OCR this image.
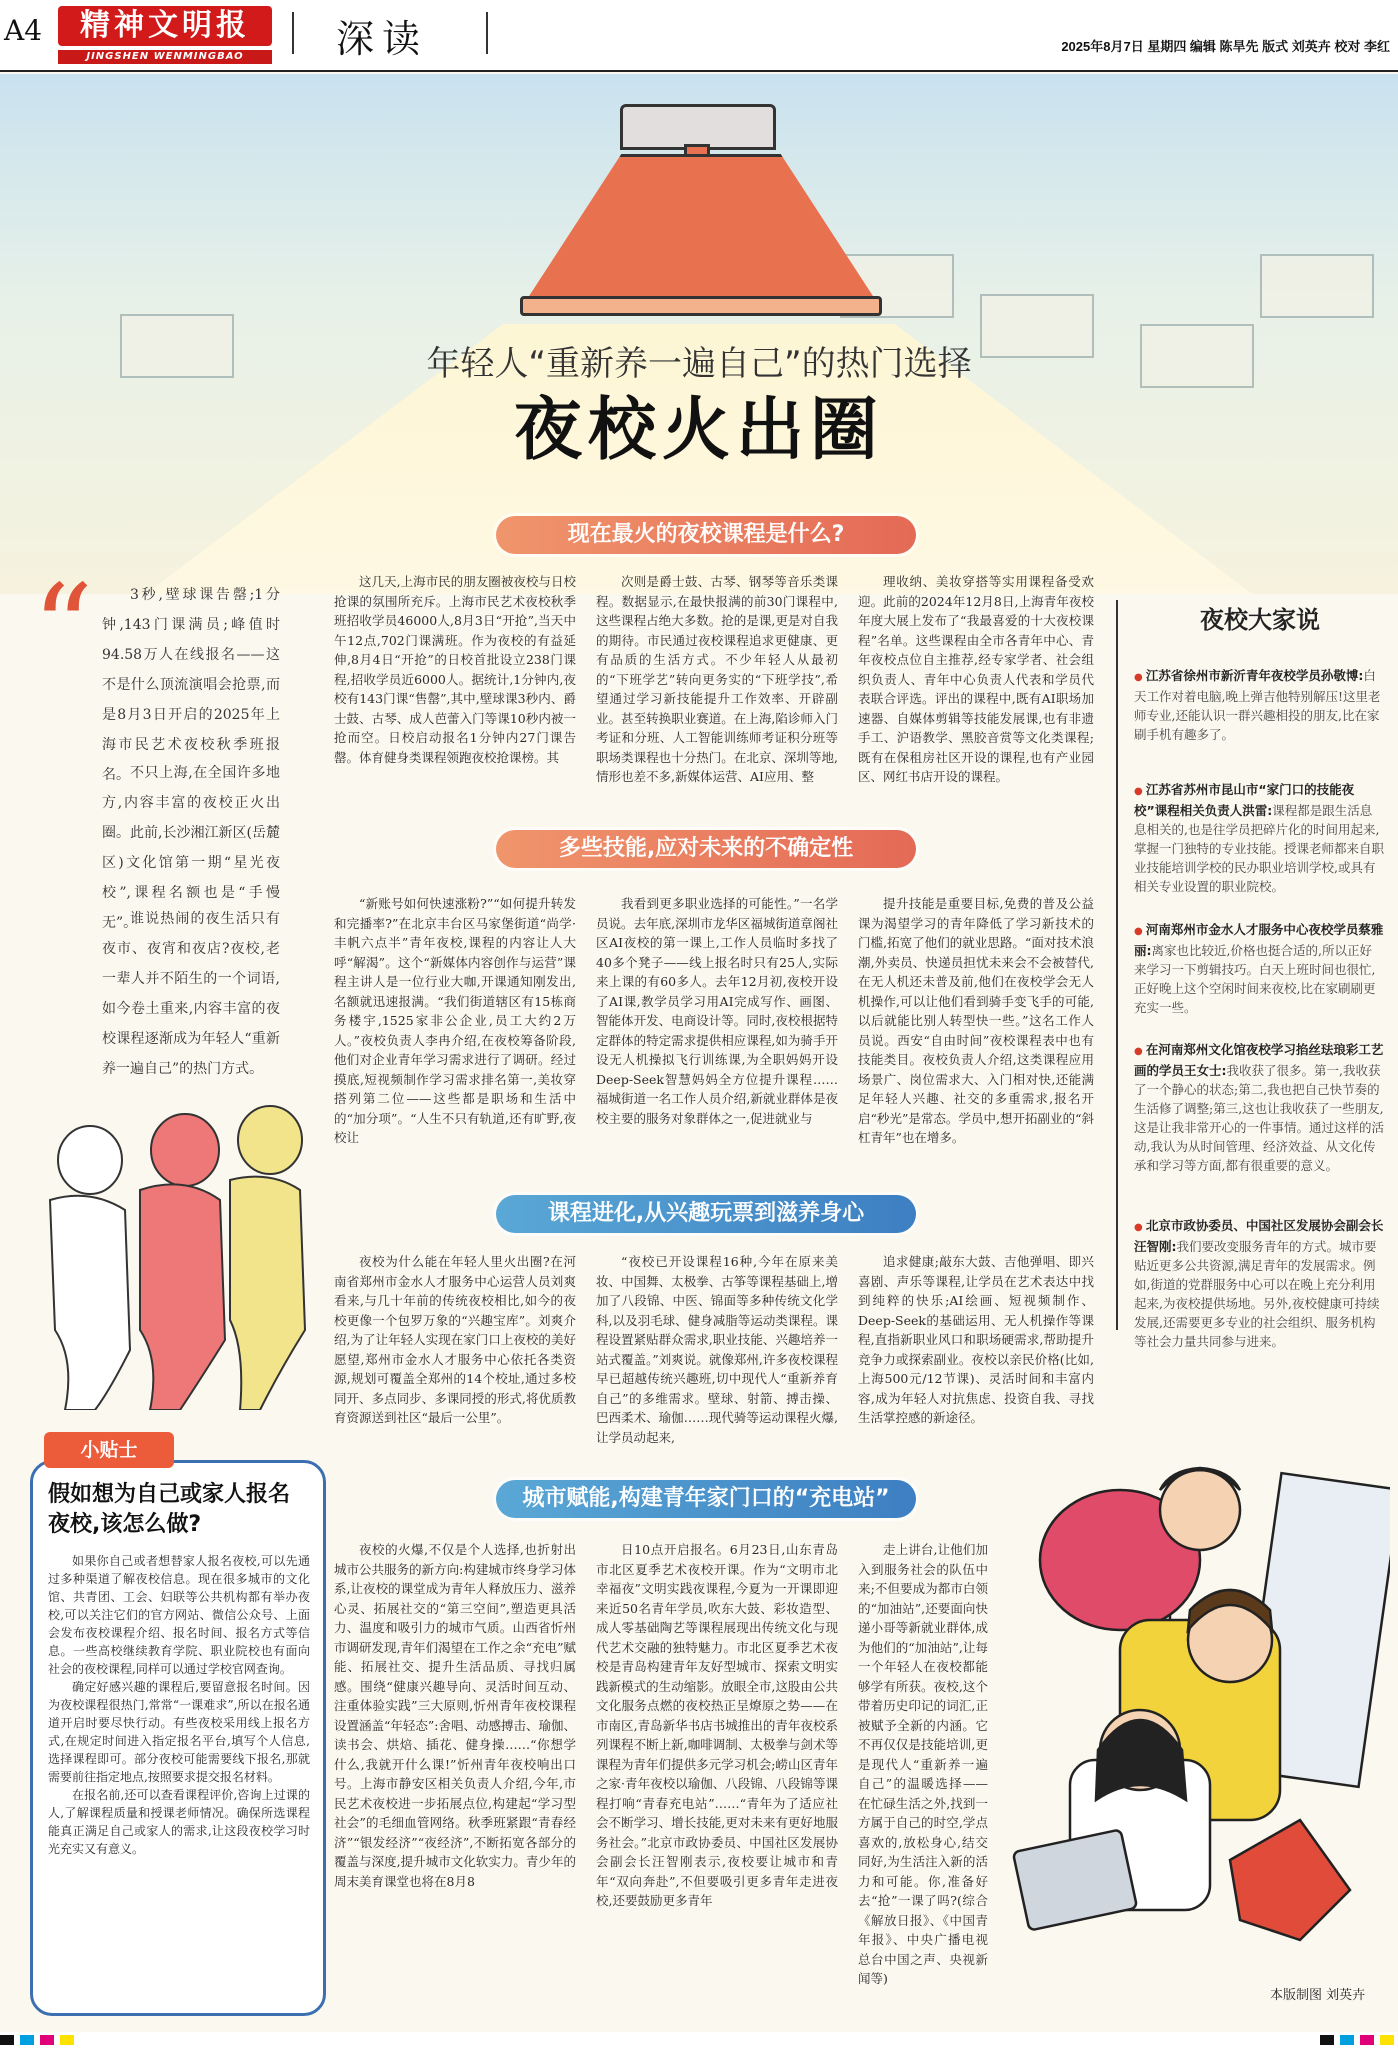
A4	精神文明报
JINGSHEN WENMINGBAO	深读	2025年8月7日 星期四 编辑 陈旱先 版式 刘英卉 校对 李红
年轻人“重新养一遍自己”的热门选择
夜校火出圈
“	3秒,壁球课告罄;1分钟,143门课满员;峰值时94.58万人在线报名——这不是什么顶流演唱会抢票,而是8月3日开启的2025年上海市民艺术夜校秋季班报名。 不只上海,在全国许多地方,内容丰富的夜校正火出圈。此前,长沙湘江新区(岳麓区)文化馆第一期“星光夜校”,课程名额也是“手慢无”。

谁说热闹的夜生活只有夜市、夜宵和夜店?夜校,老一辈人并不陌生的一个词语,如今卷土重来,内容丰富的夜校课程逐渐成为年轻人“重新养一遍自己”的热门方式。

现在最火的夜校课程是什么?
多些技能,应对未来的不确定性
课程进化,从兴趣玩票到滋养身心
城市赋能,构建青年家门口的“充电站”

这几天,上海市民的朋友圈被夜校与日校抢课的氛围所充斥。上海市民艺术夜校秋季班招收学员46000人,8月3日“开抢”,当天中午12点,702门课满班。作为夜校的有益延伸,8月4日“开抢”的日校首批设立238门课程,招收学员近6000人。据统计,1分钟内,夜校有143门课“售罄”,其中,壁球课3秒内、爵士鼓、古琴、成人芭蕾入门等课10秒内被一抢而空。日校启动报名1分钟内27门课告罄。体育健身类课程领跑夜校抢课榜。其

次则是爵士鼓、古琴、钢琴等音乐类课程。数据显示,在最快报满的前30门课程中,这些课程占绝大多数。抢的是课,更是对自我的期待。市民通过夜校课程追求更健康、更有品质的生活方式。不少年轻人从最初的“下班学艺”转向更务实的“下班学技”,希望通过学习新技能提升工作效率、开辟副业。甚至转换职业赛道。在上海,陷诊师入门考证和分班、人工智能训练师考证积分班等职场类课程也十分热门。在北京、深圳等地,情形也差不多,新媒体运营、AI应用、整

理收纳、美妆穿搭等实用课程备受欢迎。此前的2024年12月8日,上海青年夜校年度大展上发布了“我最喜爱的十大夜校课程”名单。这些课程由全市各青年中心、青年夜校点位自主推荐,经专家学者、社会组织负责人、青年中心负责人代表和学员代表联合评选。评出的课程中,既有AI职场加速器、自媒体剪辑等技能发展课,也有非遗手工、沪语教学、黑胶音赏等文化类课程;既有在保租房社区开设的课程,也有产业园区、网红书店开设的课程。

“新账号如何快速涨粉?”“如何提升转发和完播率?”在北京丰台区马家堡街道“尚学·丰帆六点半”青年夜校,课程的内容让人大呼“解渴”。这个“新媒体内容创作与运营”课程主讲人是一位行业大咖,开课通知刚发出,名额就迅速报满。“我们街道辖区有15栋商务楼宇,1525家非公企业,员工大约2万人。”夜校负责人李冉介绍,在夜校筹备阶段,他们对企业青年学习需求进行了调研。经过摸底,短视频制作学习需求排名第一,美妆穿搭列第二位——这些都是职场和生活中的“加分项”。“人生不只有轨道,还有旷野,夜校让

我看到更多职业选择的可能性。”一名学员说。去年底,深圳市龙华区福城街道章阁社区AI夜校的第一课上,工作人员临时多找了40多个凳子——线上报名时只有25人,实际来上课的有60多人。去年12月初,夜校开设了AI课,教学员学习用AI完成写作、画图、智能体开发、电商设计等。同时,夜校根据特定群体的特定需求提供相应课程,如为骑手开设无人机操拟飞行训练课,为全职妈妈开设Deep-Seek智慧妈妈全方位提升课程……福城街道一名工作人员介绍,新就业群体是夜校主要的服务对象群体之一,促进就业与

提升技能是重要目标,免费的普及公益课为渴望学习的青年降低了学习新技术的门槛,拓宽了他们的就业思路。“面对技术浪潮,外卖员、快递员担忧未来会不会被替代,在无人机还未普及前,他们在夜校学会无人机操作,可以让他们看到骑手变飞手的可能,以后就能比别人转型快一些。”这名工作人员说。西安“自由时间”夜校课程表中也有技能类目。夜校负责人介绍,这类课程应用场景广、岗位需求大、入门相对快,还能满足年轻人兴趣、社交的多重需求,报名开启“秒光”是常态。学员中,想开拓副业的“斜杠青年”也在增多。

夜校为什么能在年轻人里火出圈?在河南省郑州市金水人才服务中心运营人员刘爽看来,与几十年前的传统夜校相比,如今的夜校更像一个包罗万象的“兴趣宝库”。刘爽介绍,为了让年轻人实现在家门口上夜校的美好愿望,郑州市金水人才服务中心依托各类资源,规划可覆盖全郑州的14个校址,通过多校同开、多点同步、多课同授的形式,将优质教育资源送到社区“最后一公里”。

“夜校已开设课程16种,今年在原来美妆、中国舞、太极拳、古筝等课程基础上,增加了八段锦、中医、锦面等多种传统文化学科,以及羽毛球、健身减脂等运动类课程。课程设置紧贴群众需求,职业技能、兴趣培养一站式覆盖。”刘爽说。就像郑州,许多夜校课程早已超越传统兴趣班,切中现代人“重新养育自己”的多维需求。壁球、射箭、搏击操、巴西柔术、瑜伽……现代骑等运动课程火爆,让学员动起来,

追求健康;敲东大鼓、吉他弹唱、即兴喜剧、声乐等课程,让学员在艺术表达中找到纯粹的快乐;AI绘画、短视频制作、Deep-Seek的基础运用、无人机操作等课程,直指新职业风口和职场硬需求,帮助提升竞争力或探索副业。夜校以亲民价格(比如,上海500元/12节课)、灵活时间和丰富内容,成为年轻人对抗焦虑、投资自我、寻找生活掌控感的新途径。

夜校的火爆,不仅是个人选择,也折射出城市公共服务的新方向:构建城市终身学习体系,让夜校的课堂成为青年人释放压力、滋养心灵、拓展社交的“第三空间”,塑造更具活力、温度和吸引力的城市气质。山西省忻州市调研发现,青年们渴望在工作之余“充电”赋能、拓展社交、提升生活品质、寻找归属感。围绕“健康兴趣导向、灵活时间互动、注重体验实践”三大原则,忻州青年夜校课程设置涵盖“年轻态”:舍唱、动感搏击、瑜伽、读书会、烘焙、插花、健身操……“你想学什么,我就开什么课!”忻州青年夜校响出口号。上海市静安区相关负责人介绍,今年,市民艺术夜校进一步拓展点位,构建起“学习型社会”的毛细血管网络。秋季班紧跟“青春经济”“银发经济”“夜经济”,不断拓宽各部分的覆盖与深度,提升城市文化软实力。青少年的周末美育课堂也将在8月8

日10点开启报名。6月23日,山东青岛市北区夏季艺术夜校开课。作为“文明市北幸福夜”文明实践夜课程,今夏为一开课即迎来近50名青年学员,吹东大鼓、彩妆造型、成人零基础陶艺等课程展现出传统文化与现代艺术交融的独特魅力。市北区夏季艺术夜校是青岛构建青年友好型城市、探索文明实践新模式的生动缩影。放眼全市,这股由公共文化服务点燃的夜校热正呈燎原之势——在市南区,青岛新华书店书城推出的青年夜校系列课程不断上新,咖啡调制、太极拳与剑术等课程为青年们提供多元学习机会;崂山区青年之家·青年夜校以瑜伽、八段锦、八段锦等课程打响“青春充电站”……“青年为了适应社会不断学习、增长技能,更对未来有更好地服务社会。”北京市政协委员、中国社区发展协会副会长汪智刚表示,夜校要让城市和青年“双向奔赴”,不但要吸引更多青年走进夜校,还要鼓励更多青年

走上讲台,让他们加入到服务社会的队伍中来;不但要成为都市白领的“加油站”,还要面向快递小哥等新就业群体,成为他们的“加油站”,让每一个年轻人在夜校都能够学有所获。夜校,这个带着历史印记的词汇,正被赋予全新的内涵。它不再仅仅是技能培训,更是现代人“重新养一遍自己”的温暖选择——在忙碌生活之外,找到一方属于自己的时空,学点喜欢的,放松身心,结交同好,为生活注入新的活力和可能。你,准备好去“抢”一课了吗?(综合《解放日报》、《中国青年报》、中央广播电视总台中国之声、央视新闻等)

夜校大家说
● 江苏省徐州市新沂青年夜校学员孙敬博:白天工作对着电脑,晚上弹吉他特别解压!这里老师专业,还能认识一群兴趣相投的朋友,比在家刷手机有趣多了。
● 江苏省苏州市昆山市“家门口的技能夜校”课程相关负责人洪雷:课程都是跟生活息息相关的,也是往学员把碎片化的时间用起来,掌握一门独特的专业技能。授课老师都来自职业技能培训学校的民办职业培训学校,或具有相关专业设置的职业院校。
● 河南郑州市金水人才服务中心夜校学员蔡雅丽:离家也比较近,价格也挺合适的,所以正好来学习一下剪辑技巧。白天上班时间也很忙,正好晚上这个空闲时间来夜校,比在家刷刷更充实一些。
● 在河南郑州文化馆夜校学习掐丝珐琅彩工艺画的学员王女士:我收获了很多。第一,我收获了一个静心的状态;第二,我也把自己快节奏的生活修了调整;第三,这也让我收获了一些朋友,这是让我非常开心的一件事情。通过这样的活动,我认为从时间管理、经济效益、从文化传承和学习等方面,都有很重要的意义。
● 北京市政协委员、中国社区发展协会副会长汪智刚:我们要改变服务青年的方式。城市要贴近更多公共资源,满足青年的发展需求。例如,街道的党群服务中心可以在晚上充分利用起来,为夜校提供场地。另外,夜校健康可持续发展,还需要更多专业的社会组织、服务机构等社会力量共同参与进来。
小贴士
假如想为自己或家人报名夜校,该怎么做?

如果你自己或者想替家人报名夜校,可以先通过多种渠道了解夜校信息。现在很多城市的文化馆、共青团、工会、妇联等公共机构都有举办夜校,可以关注它们的官方网站、微信公众号、上面会发布夜校课程介绍、报名时间、报名方式等信息。一些高校继续教育学院、职业院校也有面向社会的夜校课程,同样可以通过学校官网查询。

确定好感兴趣的课程后,要留意报名时间。因为夜校课程很热门,常常“一课难求”,所以在报名通道开启时要尽快行动。有些夜校采用线上报名方式,在规定时间进入指定报名平台,填写个人信息,选择课程即可。部分夜校可能需要线下报名,那就需要前往指定地点,按照要求提交报名材料。

在报名前,还可以查看课程评价,咨询上过课的人,了解课程质量和授课老师情况。确保所选课程能真正满足自己或家人的需求,让这段夜校学习时光充实又有意义。

本版制图 刘英卉
